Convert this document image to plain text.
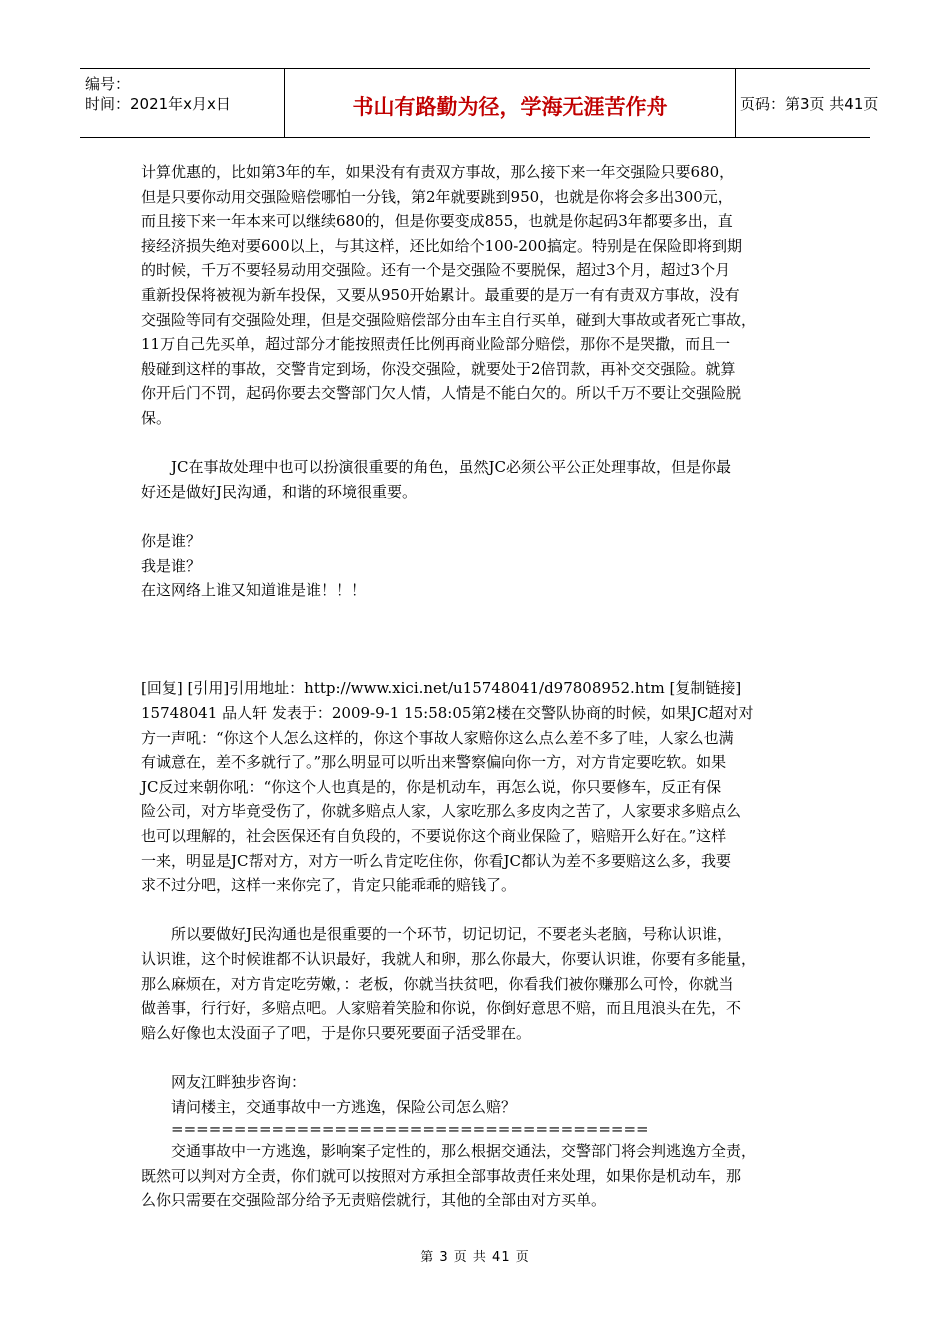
编号：
时间：2021年x月x日	书山有路勤为径，学海无涯苦作舟	页码：第3页 共41页
计算优惠的，比如第3年的车，如果没有有责双方事故，那么接下来一年交强险只要680，
但是只要你动用交强险赔偿哪怕一分钱，第2年就要跳到950，也就是你将会多出300元，
而且接下来一年本来可以继续680的，但是你要变成855，也就是你起码3年都要多出，直
接经济损失绝对要600以上，与其这样，还比如给个100-200搞定。特别是在保险即将到期
的时候，千万不要轻易动用交强险。还有一个是交强险不要脱保，超过3个月，超过3个月
重新投保将被视为新车投保，又要从950开始累计。最重要的是万一有有责双方事故，没有
交强险等同有交强险处理，但是交强险赔偿部分由车主自行买单，碰到大事故或者死亡事故，
11万自己先买单，超过部分才能按照责任比例再商业险部分赔偿，那你不是哭撒，而且一
般碰到这样的事故，交警肯定到场，你没交强险，就要处于2倍罚款，再补交交强险。就算
你开后门不罚，起码你要去交警部门欠人情，人情是不能白欠的。所以千万不要让交强险脱
保。
JC在事故处理中也可以扮演很重要的角色，虽然JC必须公平公正处理事故，但是你最
好还是做好J民沟通，和谐的环境很重要。
你是谁？
我是谁？
在这网络上谁又知道谁是谁！！！
[回复] [引用]引用地址：http://www.xici.net/u15748041/d97808952.htm [复制链接]
15748041 品人轩 发表于：2009-9-1 15:58:05第2楼在交警队协商的时候，如果JC超对对
方一声吼：“你这个人怎么这样的，你这个事故人家赔你这么点么差不多了哇，人家么也满
有诚意在，差不多就行了。”那么明显可以听出来警察偏向你一方，对方肯定要吃软。如果
JC反过来朝你吼：“你这个人也真是的，你是机动车，再怎么说，你只要修车，反正有保
险公司，对方毕竟受伤了，你就多赔点人家，人家吃那么多皮肉之苦了，人家要求多赔点么
也可以理解的，社会医保还有自负段的，不要说你这个商业保险了，赔赔开么好在。”这样
一来，明显是JC帮对方，对方一听么肯定吃住你，你看JC都认为差不多要赔这么多，我要
求不过分吧，这样一来你完了，肯定只能乖乖的赔钱了。
所以要做好J民沟通也是很重要的一个环节，切记切记，不要老头老脑，号称认识谁，
认识谁，这个时候谁都不认识最好，我就人和卵，那么你最大，你要认识谁，你要有多能量，
那么麻烦在，对方肯定吃劳嫩，：老板，你就当扶贫吧，你看我们被你赚那么可怜，你就当
做善事，行行好，多赔点吧。人家赔着笑脸和你说，你倒好意思不赔，而且甩浪头在先，不
赔么好像也太没面子了吧，于是你只要死要面子活受罪在。
网友江畔独步咨询：
请问楼主，交通事故中一方逃逸，保险公司怎么赔？
======================================
交通事故中一方逃逸，影响案子定性的，那么根据交通法，交警部门将会判逃逸方全责，
既然可以判对方全责，你们就可以按照对方承担全部事故责任来处理，如果你是机动车，那
么你只需要在交强险部分给予无责赔偿就行，其他的全部由对方买单。
第 3 页 共 41 页
